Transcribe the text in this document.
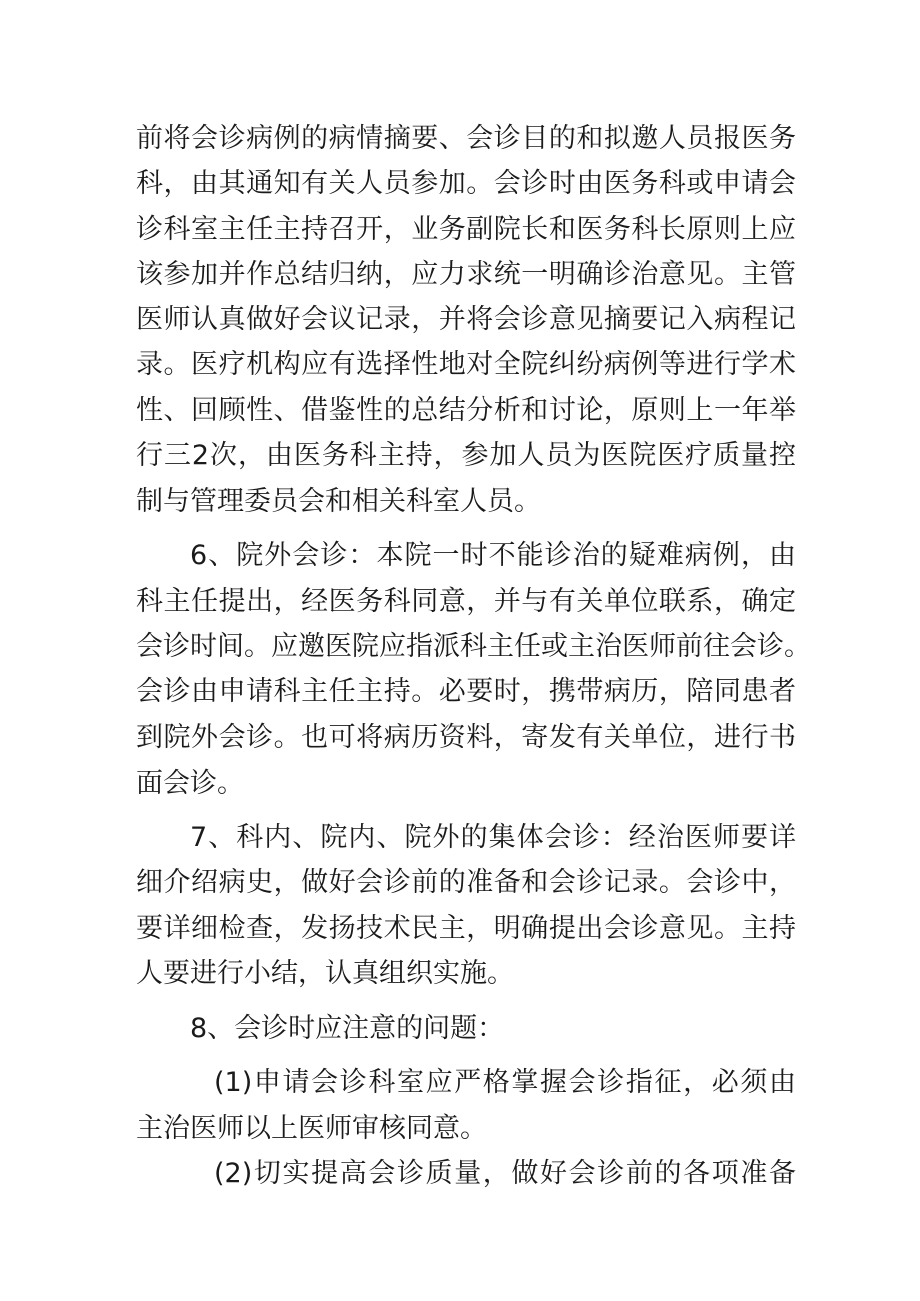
前将会诊病例的病情摘要、会诊目的和拟邀人员报医务
科，由其通知有关人员参加。会诊时由医务科或申请会
诊科室主任主持召开，业务副院长和医务科长原则上应
该参加并作总结归纳，应力求统一明确诊治意见。主管
医师认真做好会议记录，并将会诊意见摘要记入病程记
录。医疗机构应有选择性地对全院纠纷病例等进行学术
性、回顾性、借鉴性的总结分析和讨论，原则上一年举
行三2次，由医务科主持，参加人员为医院医疗质量控
制与管理委员会和相关科室人员。
6、院外会诊：本院一时不能诊治的疑难病例，由
科主任提出，经医务科同意，并与有关单位联系，确定
会诊时间。应邀医院应指派科主任或主治医师前往会诊。
会诊由申请科主任主持。必要时，携带病历，陪同患者
到院外会诊。也可将病历资料，寄发有关单位，进行书
面会诊。
7、科内、院内、院外的集体会诊：经治医师要详
细介绍病史，做好会诊前的准备和会诊记录。会诊中，
要详细检查，发扬技术民主，明确提出会诊意见。主持
人要进行小结，认真组织实施。
8、会诊时应注意的问题：
(1)申请会诊科室应严格掌握会诊指征，必须由
主治医师以上医师审核同意。
(2)切实提高会诊质量，做好会诊前的各项准备
